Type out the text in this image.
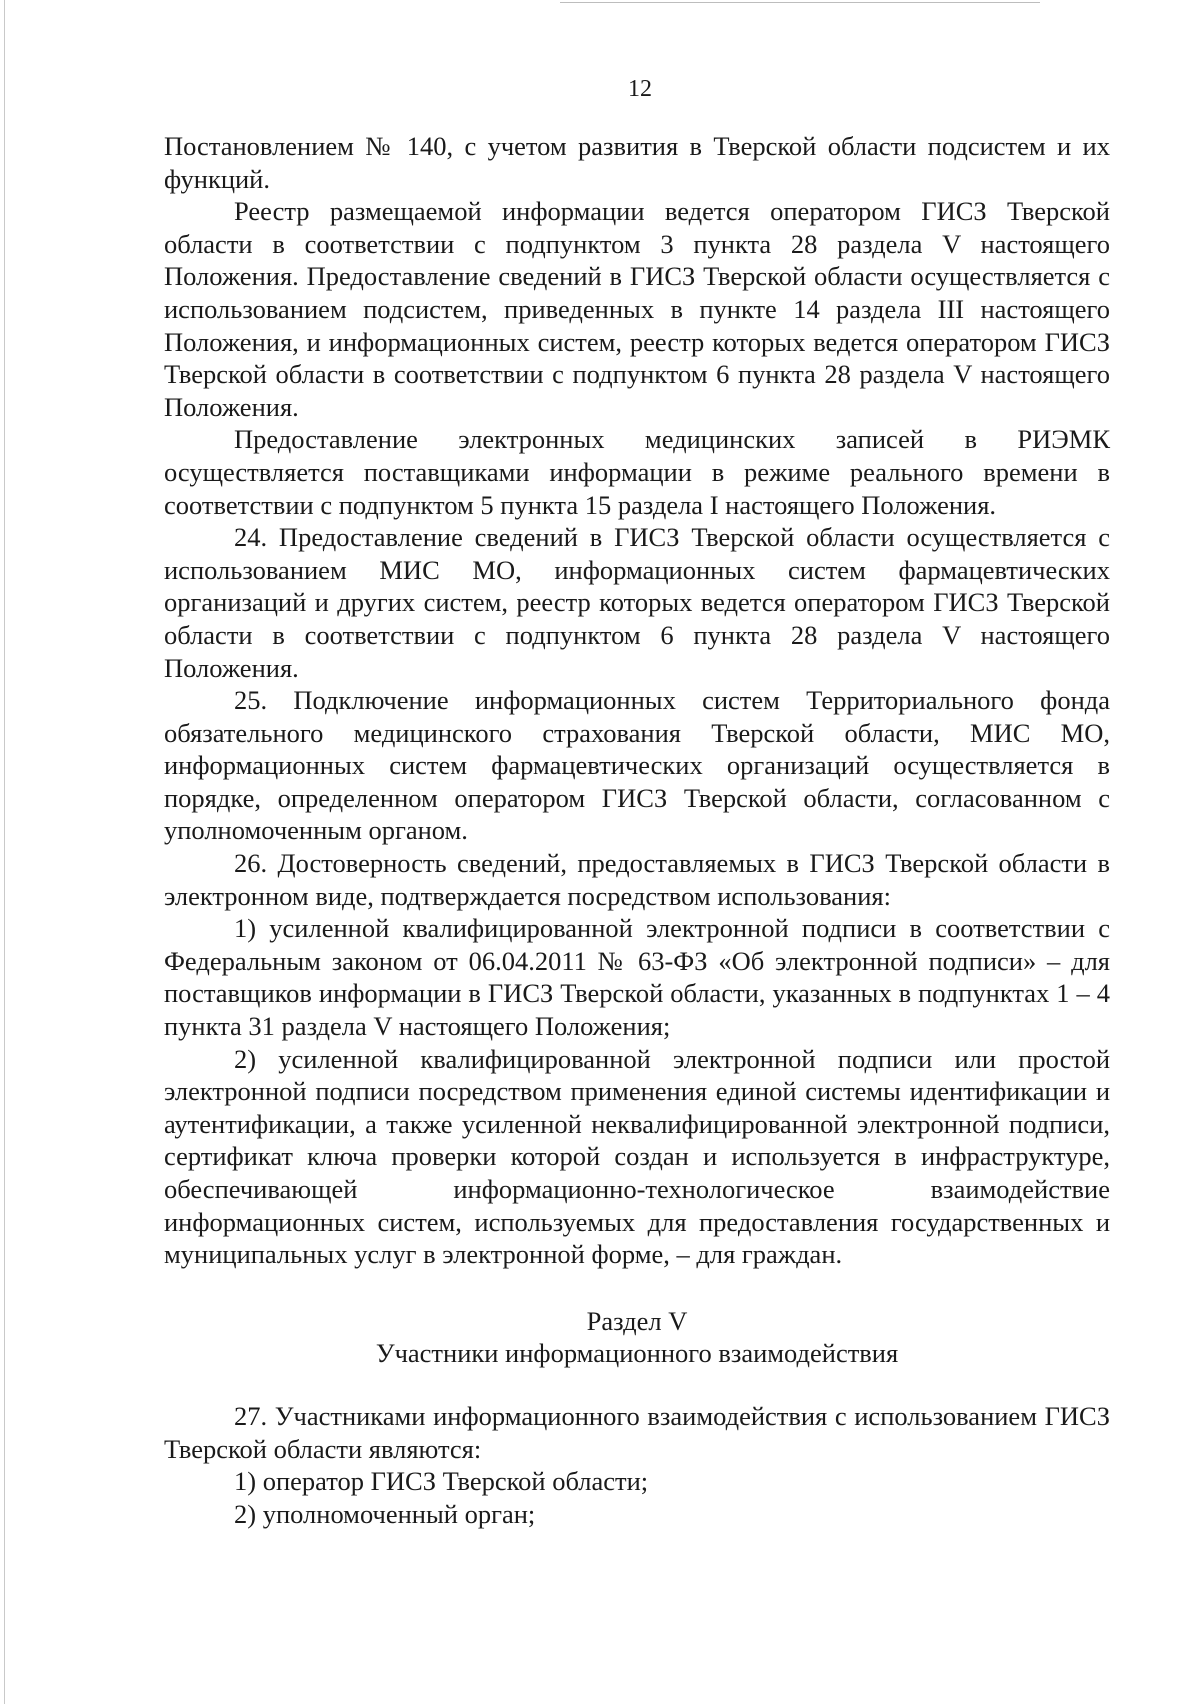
12

Постановлением № 140, с учетом развития в Тверской области подсистем и их функций.

Реестр размещаемой информации ведется оператором ГИСЗ Тверской области в соответствии с подпунктом 3 пункта 28 раздела V настоящего Положения. Предоставление сведений в ГИСЗ Тверской области осуществляется с использованием подсистем, приведенных в пункте 14 раздела III настоящего Положения, и информационных систем, реестр которых ведется оператором ГИСЗ Тверской области в соответствии с подпунктом 6 пункта 28 раздела V настоящего Положения.

Предоставление электронных медицинских записей в РИЭМК осуществляется поставщиками информации в режиме реального времени в соответствии с подпунктом 5 пункта 15 раздела I настоящего Положения.

24. Предоставление сведений в ГИСЗ Тверской области осуществляется с использованием МИС МО, информационных систем фармацевтических организаций и других систем, реестр которых ведется оператором ГИСЗ Тверской области в соответствии с подпунктом 6 пункта 28 раздела V настоящего Положения.

25. Подключение информационных систем Территориального фонда обязательного медицинского страхования Тверской области, МИС МО, информационных систем фармацевтических организаций осуществляется в порядке, определенном оператором ГИСЗ Тверской области, согласованном с уполномоченным органом.

26. Достоверность сведений, предоставляемых в ГИСЗ Тверской области в электронном виде, подтверждается посредством использования:

1) усиленной квалифицированной электронной подписи в соответствии с Федеральным законом от 06.04.2011 № 63-ФЗ «Об электронной подписи» – для поставщиков информации в ГИСЗ Тверской области, указанных в подпунктах 1 – 4 пункта 31 раздела V настоящего Положения;

2) усиленной квалифицированной электронной подписи или простой электронной подписи посредством применения единой системы идентификации и аутентификации, а также усиленной неквалифицированной электронной подписи, сертификат ключа проверки которой создан и используется в инфраструктуре, обеспечивающей информационно-технологическое взаимодействие информационных систем, используемых для предоставления государственных и муниципальных услуг в электронной форме, – для граждан.

Раздел V
Участники информационного взаимодействия

27. Участниками информационного взаимодействия с использованием ГИСЗ Тверской области являются:

1) оператор ГИСЗ Тверской области;

2) уполномоченный орган;
